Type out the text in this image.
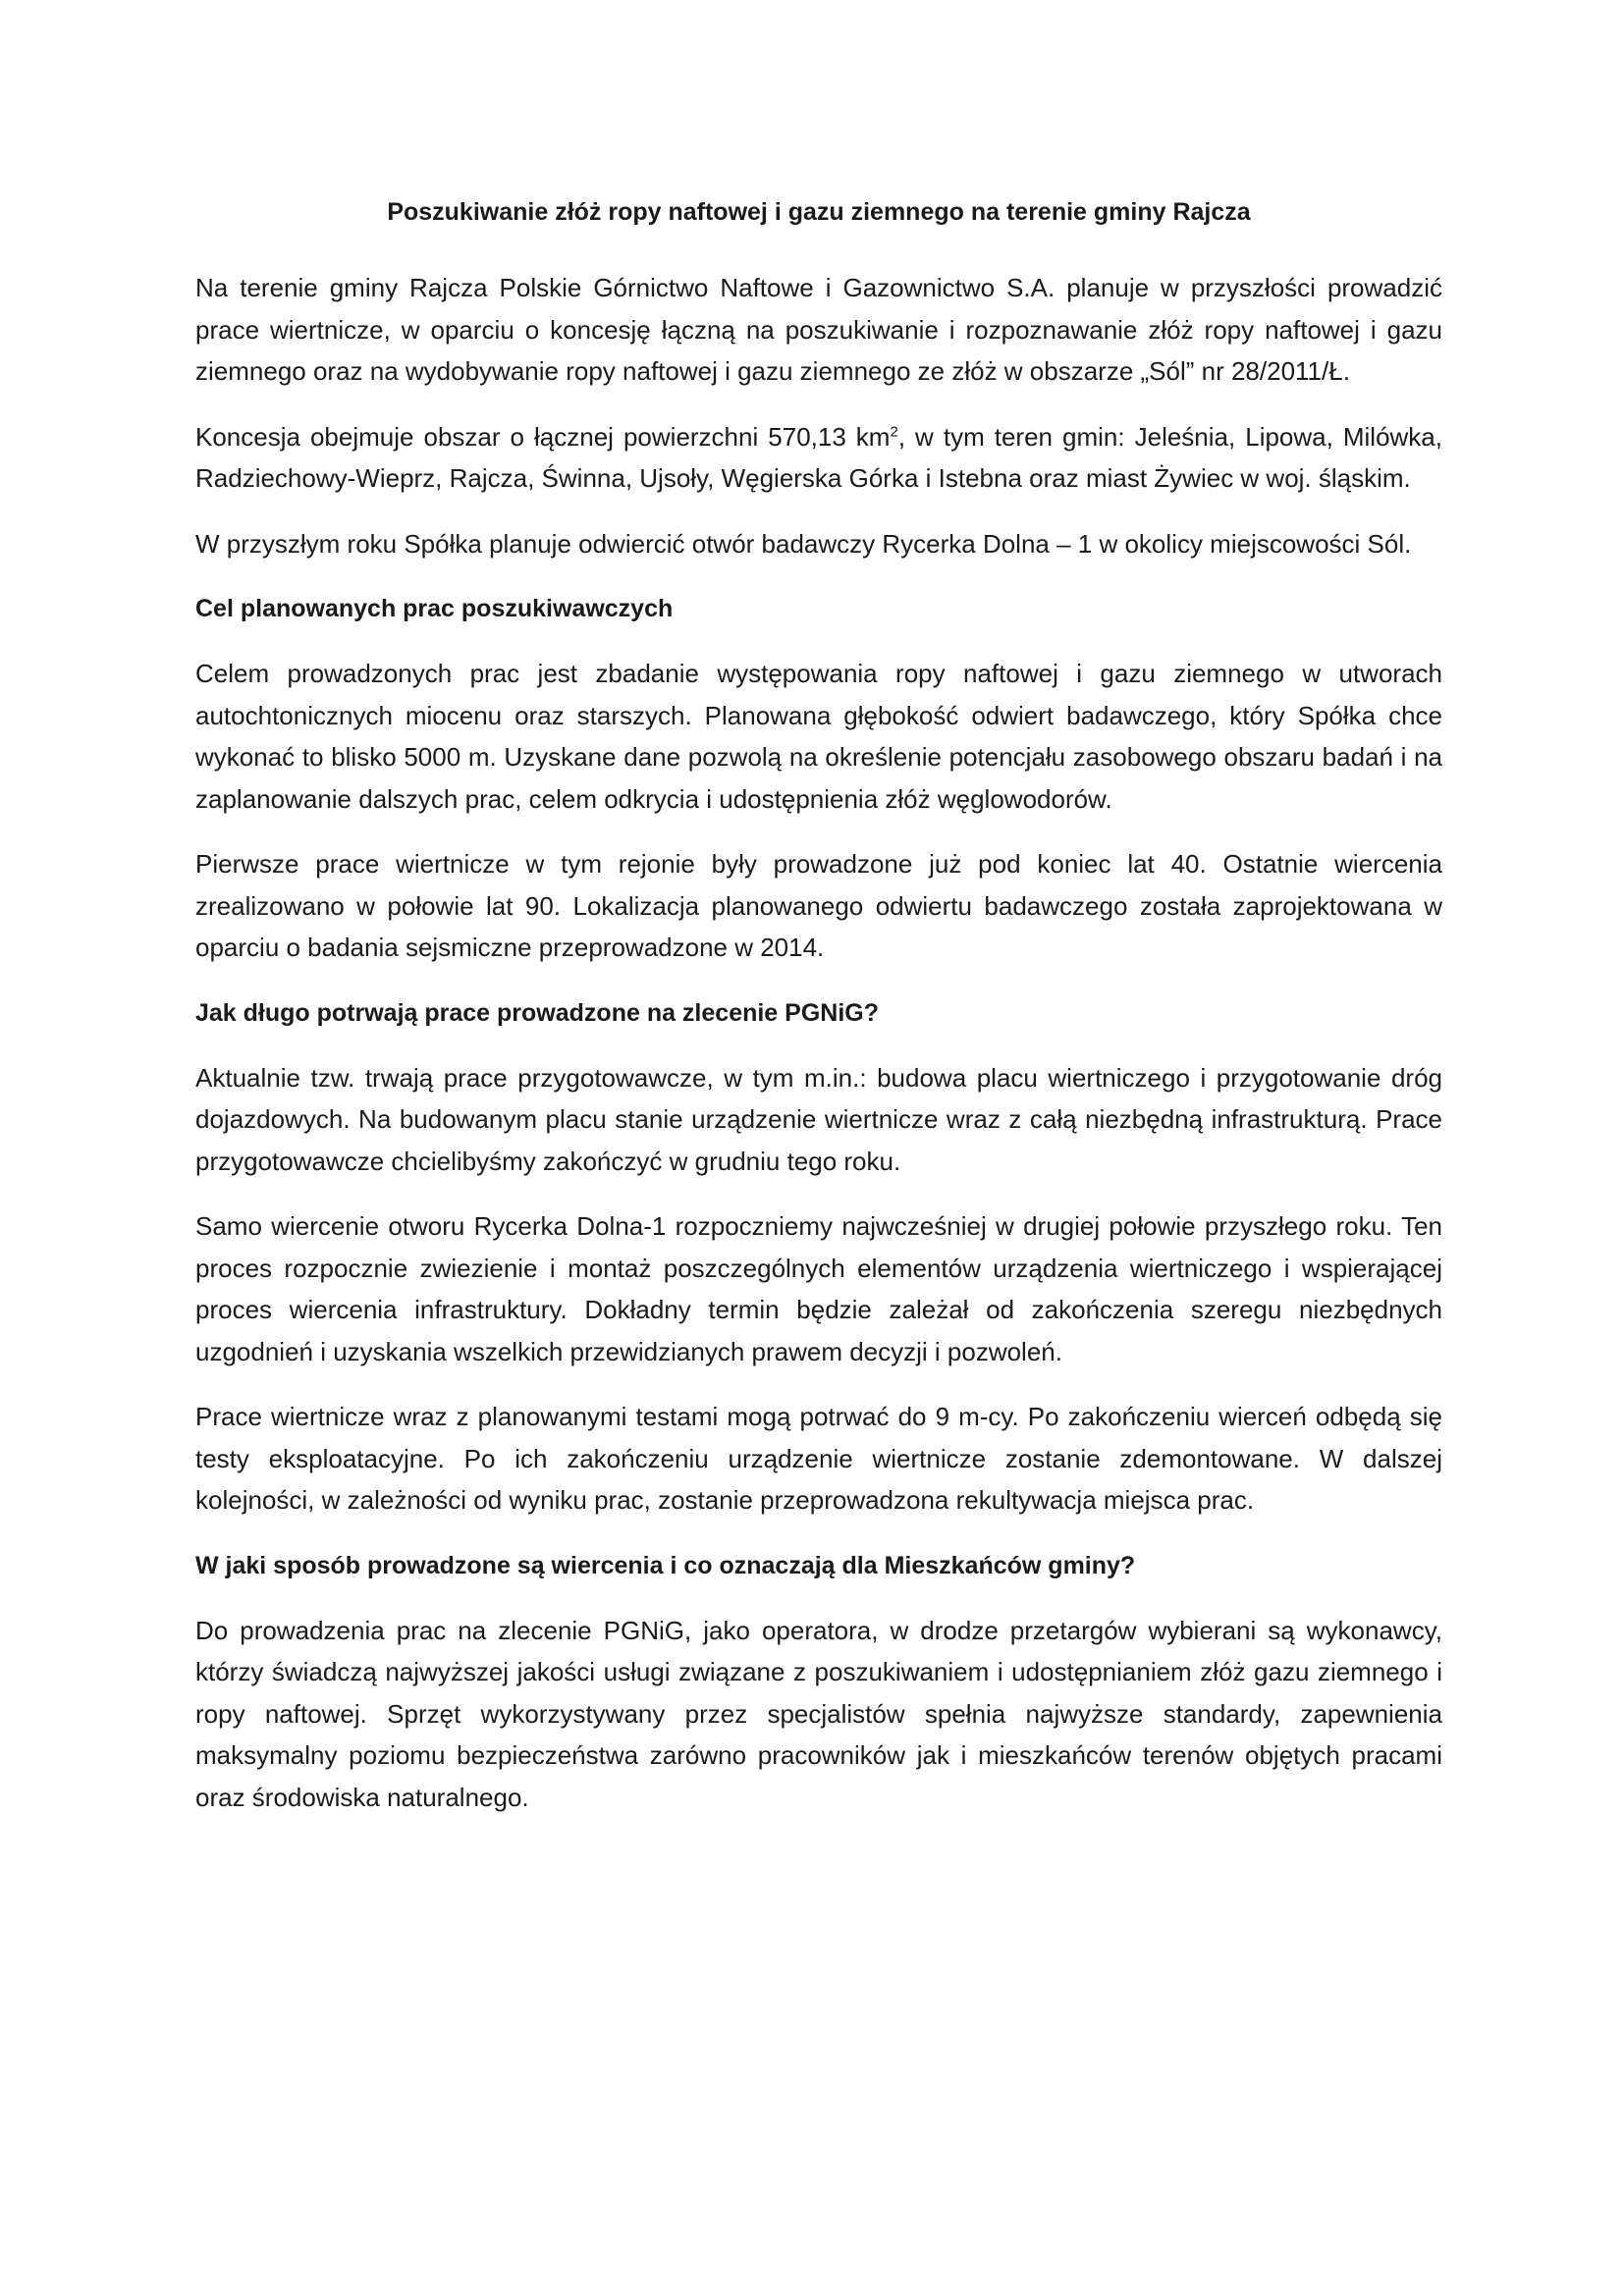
Poszukiwanie złóż ropy naftowej i gazu ziemnego na terenie gminy Rajcza

Na terenie gminy Rajcza Polskie Górnictwo Naftowe i Gazownictwo S.A. planuje w przyszłości prowadzić prace wiertnicze, w oparciu o koncesję łączną na poszukiwanie i rozpoznawanie złóż ropy naftowej i gazu ziemnego oraz na wydobywanie ropy naftowej i gazu ziemnego ze złóż w obszarze „Sól” nr 28/2011/Ł.

Koncesja obejmuje obszar o łącznej powierzchni 570,13 $km^2$, w tym teren gmin: Jeleśnia, Lipowa, Milówka, Radziechowy-Wieprz, Rajcza, Świnna, Ujsoły, Węgierska Górka i Istebna oraz miast Żywiec w woj. śląskim.

W przyszłym roku Spółka planuje odwiercić otwór badawczy Rycerka Dolna – 1 w okolicy miejscowości Sól.

Cel planowanych prac poszukiwawczych

Celem prowadzonych prac jest zbadanie występowania ropy naftowej i gazu ziemnego w utworach autochtonicznych miocenu oraz starszych. Planowana głębokość odwiert badawczego, który Spółka chce wykonać to blisko 5000 m. Uzyskane dane pozwolą na określenie potencjału zasobowego obszaru badań i na zaplanowanie dalszych prac, celem odkrycia i udostępnienia złóż węglowodorów.

Pierwsze prace wiertnicze w tym rejonie były prowadzone już pod koniec lat 40. Ostatnie wiercenia zrealizowano w połowie lat 90. Lokalizacja planowanego odwiertu badawczego została zaprojektowana w oparciu o badania sejsmiczne przeprowadzone w 2014.

Jak długo potrwają prace prowadzone na zlecenie PGNiG?

Aktualnie tzw. trwają prace przygotowawcze, w tym m.in.: budowa placu wiertniczego i przygotowanie dróg dojazdowych. Na budowanym placu stanie urządzenie wiertnicze wraz z całą niezbędną infrastrukturą. Prace przygotowawcze chcielibyśmy zakończyć w grudniu tego roku.

Samo wiercenie otworu Rycerka Dolna-1 rozpoczniemy najwcześniej w drugiej połowie przyszłego roku. Ten proces rozpocznie zwiezienie i montaż poszczególnych elementów urządzenia wiertniczego i wspierającej proces wiercenia infrastruktury. Dokładny termin będzie zależał od zakończenia szeregu niezbędnych uzgodnień i uzyskania wszelkich przewidzianych prawem decyzji i pozwoleń.

Prace wiertnicze wraz z planowanymi testami mogą potrwać do 9 m-cy. Po zakończeniu wierceń odbędą się testy eksploatacyjne. Po ich zakończeniu urządzenie wiertnicze zostanie zdemontowane. W dalszej kolejności, w zależności od wyniku prac, zostanie przeprowadzona rekultywacja miejsca prac.

W jaki sposób prowadzone są wiercenia i co oznaczają dla Mieszkańców gminy?

Do prowadzenia prac na zlecenie PGNiG, jako operatora, w drodze przetargów wybierani są wykonawcy, którzy świadczą najwyższej jakości usługi związane z poszukiwaniem i udostępnianiem złóż gazu ziemnego i ropy naftowej. Sprzęt wykorzystywany przez specjalistów spełnia najwyższe standardy, zapewnienia maksymalny poziomu bezpieczeństwa zarówno pracowników jak i mieszkańców terenów objętych pracami oraz środowiska naturalnego.
